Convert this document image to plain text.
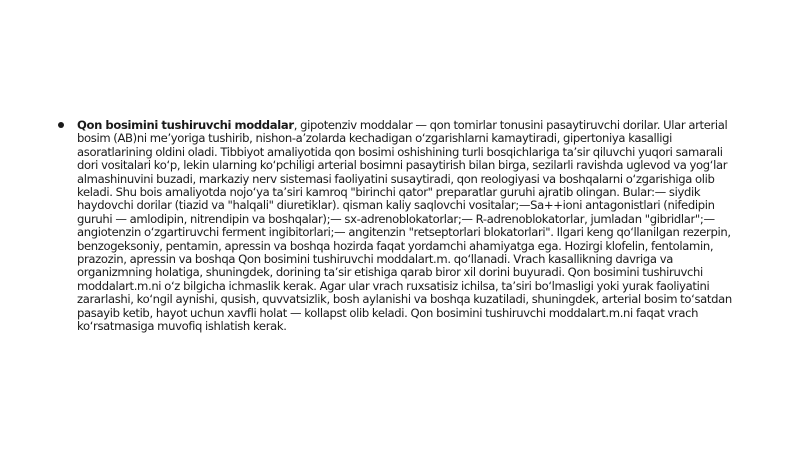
Qon bosimini tushiruvchi moddalar, gipotenziv moddalar — qon tomirlar tonusini pasaytiruvchi dorilar. Ular arterial bosim (AB)ni me’yoriga tushirib, nishon-a’zolarda kechadigan o‘zgarishlarni kamaytiradi, gipertoniya kasalligi asoratlarining oldini oladi. Tibbiyot amaliyotida qon bosimi oshishining turli bosqichlariga ta’sir qiluvchi yuqori samarali dori vositalari ko‘p, lekin ularning ko‘pchiligi arterial bosimni pasaytirish bilan birga, sezilarli ravishda uglevod va yog‘lar almashinuvini buzadi, markaziy nerv sistemasi faoliyatini susaytiradi, qon reologiyasi va boshqalarni o‘zgarishiga olib keladi. Shu bois amaliyotda nojo‘ya ta’siri kamroq "birinchi qator" preparatlar guruhi ajratib olingan. Bular:— siydik haydovchi dorilar (tiazid va "halqali" diuretiklar). qisman kaliy saqlovchi vositalar;—Sa++ioni antagonistlari (nifedipin guruhi — amlodipin, nitrendipin va boshqalar);— sx-adrenoblokatorlar;— R-adrenoblokatorlar, jumladan "gibridlar";— angiotenzin o‘zgartiruvchi ferment ingibitorlari;— angitenzin "retseptorlari blokatorlari". Ilgari keng qo‘llanilgan rezerpin, benzogeksoniy, pentamin, apressin va boshqa hozirda faqat yordamchi ahamiyatga ega. Hozirgi klofelin, fentolamin, prazozin, apressin va boshqa Qon bosimini tushiruvchi moddalart.m. qo‘llanadi. Vrach kasallikning davriga va organizmning holatiga, shuningdek, dorining ta’sir etishiga qarab biror xil dorini buyuradi. Qon bosimini tushiruvchi moddalart.m.ni o‘z bilgicha ichmaslik kerak. Agar ular vrach ruxsatisiz ichilsa, ta’siri bo‘lmasligi yoki yurak faoliyatini zararlashi, ko‘ngil aynishi, qusish, quvvatsizlik, bosh aylanishi va boshqa kuzatiladi, shuningdek, arterial bosim to‘satdan pasayib ketib, hayot uchun xavfli holat — kollapst olib keladi. Qon bosimini tushiruvchi moddalart.m.ni faqat vrach ko‘rsatmasiga muvofiq ishlatish kerak.
